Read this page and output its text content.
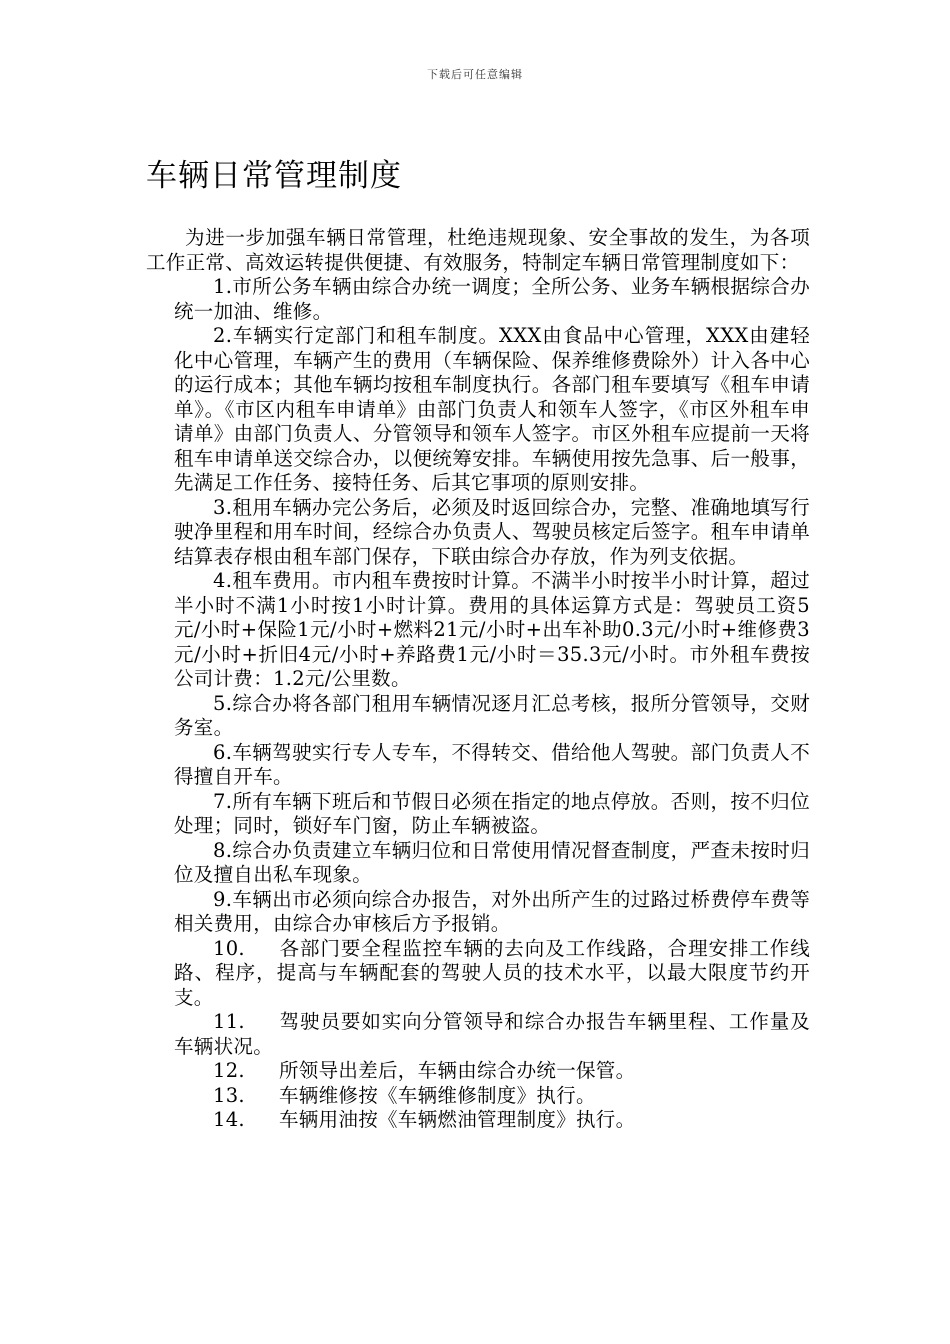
下载后可任意编辑
车辆日常管理制度

为进一步加强车辆日常管理，杜绝违规现象、安全事故的发生，为各项工作正常、高效运转提供便捷、有效服务，特制定车辆日常管理制度如下：

1.市所公务车辆由综合办统一调度；全所公务、业务车辆根据综合办统一加油、维修。

2.车辆实行定部门和租车制度。XXX由食品中心管理，XXX由建轻化中心管理，车辆产生的费用（车辆保险、保养维修费除外）计入各中心的运行成本；其他车辆均按租车制度执行。各部门租车要填写《租车申请单》。《市区内租车申请单》由部门负责人和领车人签字，《市区外租车申请单》由部门负责人、分管领导和领车人签字。市区外租车应提前一天将租车申请单送交综合办，以便统筹安排。车辆使用按先急事、后一般事，先满足工作任务、接特任务、后其它事项的原则安排。

3.租用车辆办完公务后，必须及时返回综合办，完整、准确地填写行驶净里程和用车时间，经综合办负责人、驾驶员核定后签字。租车申请单结算表存根由租车部门保存，下联由综合办存放，作为列支依据。

4.租车费用。市内租车费按时计算。不满半小时按半小时计算，超过半小时不满1小时按1小时计算。费用的具体运算方式是：驾驶员工资5元/小时+保险1元/小时+燃料21元/小时+出车补助0.3元/小时+维修费3元/小时+折旧4元/小时+养路费1元/小时＝35.3元/小时。市外租车费按公司计费：1.2元/公里数。

5.综合办将各部门租用车辆情况逐月汇总考核，报所分管领导，交财务室。

6.车辆驾驶实行专人专车，不得转交、借给他人驾驶。部门负责人不得擅自开车。

7.所有车辆下班后和节假日必须在指定的地点停放。否则，按不归位处理；同时，锁好车门窗，防止车辆被盗。

8.综合办负责建立车辆归位和日常使用情况督查制度，严查未按时归位及擅自出私车现象。

9.车辆出市必须向综合办报告，对外出所产生的过路过桥费停车费等相关费用，由综合办审核后方予报销。

10. 各部门要全程监控车辆的去向及工作线路，合理安排工作线路、程序，提高与车辆配套的驾驶人员的技术水平，以最大限度节约开支。

11. 驾驶员要如实向分管领导和综合办报告车辆里程、工作量及车辆状况。

12. 所领导出差后，车辆由综合办统一保管。

13. 车辆维修按《车辆维修制度》执行。

14. 车辆用油按《车辆燃油管理制度》执行。
